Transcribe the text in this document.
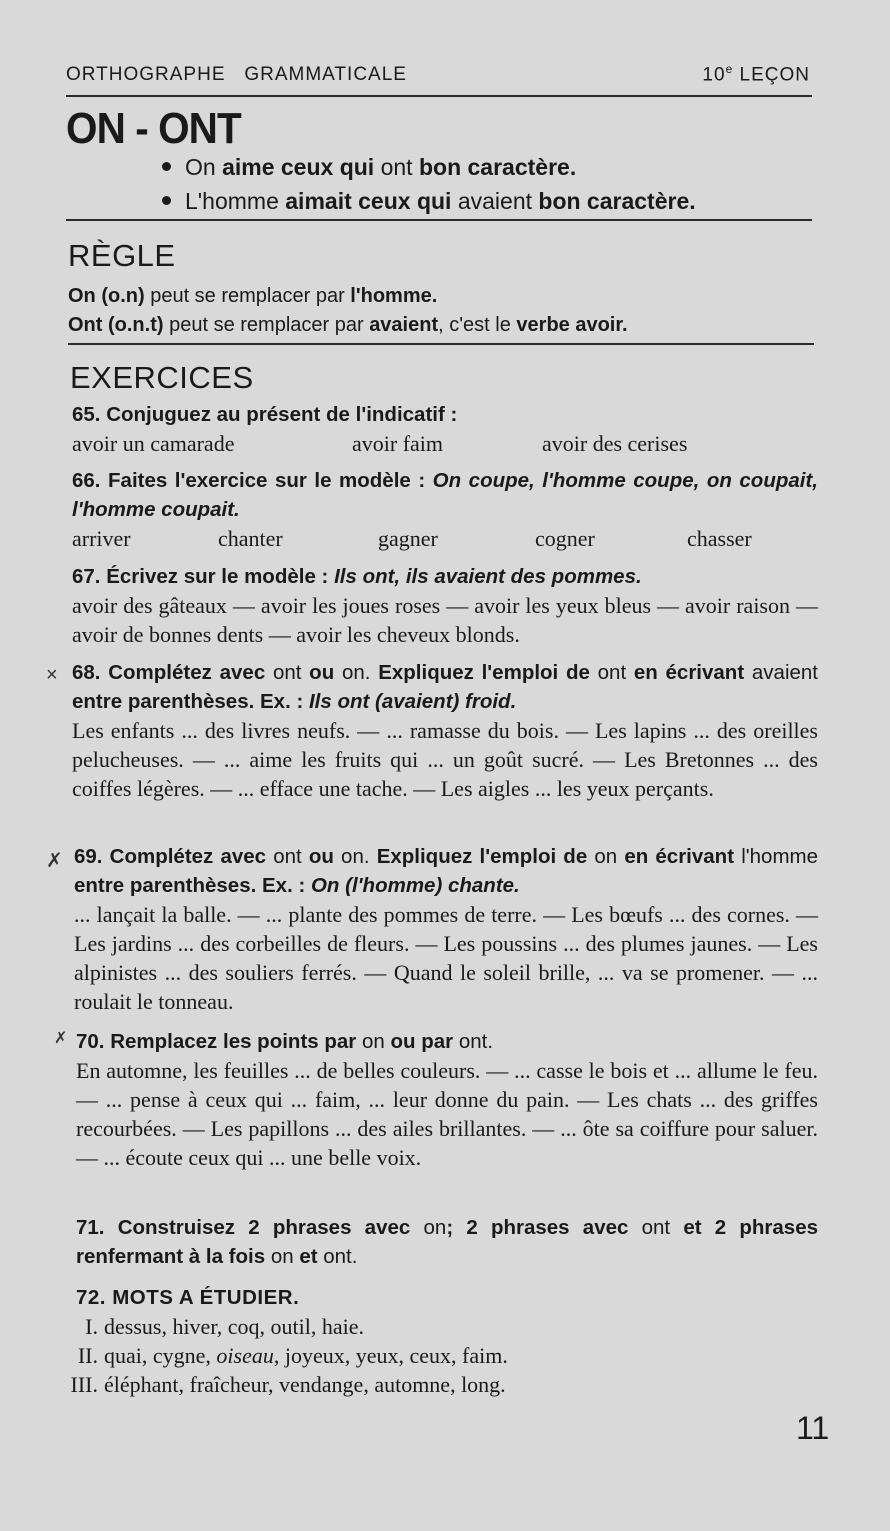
ORTHOGRAPHE   GRAMMATICALE	10e LEÇON
ON - ONT
On aime ceux qui ont bon caractère.
L'homme aimait ceux qui avaient bon caractère.
RÈGLE
On (o.n) peut se remplacer par l'homme.
Ont (o.n.t) peut se remplacer par avaient, c'est le verbe avoir.
EXERCICES
65. Conjuguez au présent de l'indicatif :
avoir un camarade	avoir faim	avoir des cerises
66. Faites l'exercice sur le modèle : On coupe, l'homme coupe, on coupait, l'homme coupait.
arriver	chanter	gagner	cogner	chasser
67. Écrivez sur le modèle : Ils ont, ils avaient des pommes.
avoir des gâteaux — avoir les joues roses — avoir les yeux bleus — avoir raison — avoir de bonnes dents — avoir les cheveux blonds.
× 68. Complétez avec ont ou on. Expliquez l'emploi de ont en écrivant avaient entre parenthèses. Ex. : Ils ont (avaient) froid.
Les enfants ... des livres neufs. — ... ramasse du bois. — Les lapins ... des oreilles pelucheuses. — ... aime les fruits qui ... un goût sucré. — Les Bretonnes ... des coiffes légères. — ... efface une tache. — Les aigles ... les yeux perçants.
✗ 69. Complétez avec ont ou on. Expliquez l'emploi de on en écrivant l'homme entre parenthèses. Ex. : On (l'homme) chante.
... lançait la balle. — ... plante des pommes de terre. — Les bœufs ... des cornes. — Les jardins ... des corbeilles de fleurs. — Les poussins ... des plumes jaunes. — Les alpinistes ... des souliers ferrés. — Quand le soleil brille, ... va se promener. — ... roulait le tonneau.
✗ 70. Remplacez les points par on ou par ont.
En automne, les feuilles ... de belles couleurs. — ... casse le bois et ... allume le feu. — ... pense à ceux qui ... faim, ... leur donne du pain. — Les chats ... des griffes recourbées. — Les papillons ... des ailes brillantes. — ... ôte sa coiffure pour saluer. — ... écoute ceux qui ... une belle voix.
71. Construisez 2 phrases avec on; 2 phrases avec ont et 2 phrases renfermant à la fois on et ont.
72. MOTS A ÉTUDIER.
I. dessus, hiver, coq, outil, haie.
II. quai, cygne, oiseau, joyeux, yeux, ceux, faim.
III. éléphant, fraîcheur, vendange, automne, long.
11
